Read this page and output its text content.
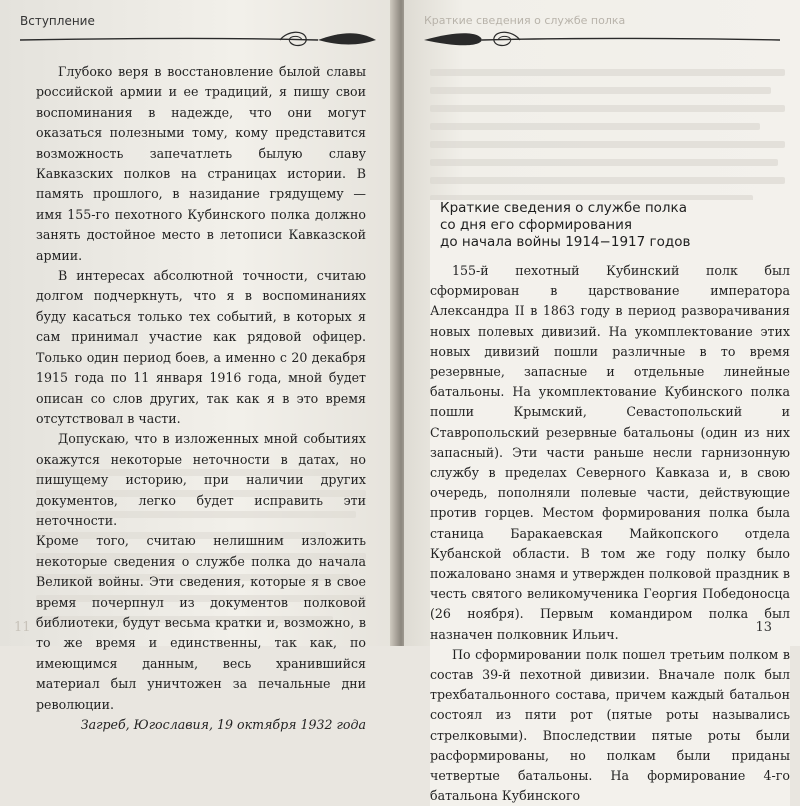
Вступление

Глубоко веря в восстановление былой славы российской армии и ее традиций, я пишу свои воспоминания в надежде, что они могут оказаться полезными тому, кому представится возможность запечатлеть былую славу Кавказских полков на страницах истории. В память прошлого, в назидание грядущему — имя 155-го пехотного Кубинского полка должно занять достойное место в летописи Кавказской армии.

В интересах абсолютной точности, считаю долгом подчеркнуть, что я в воспоминаниях буду касаться только тех событий, в которых я сам принимал участие как рядовой офицер. Только один период боев, а именно с 20 декабря 1915 года по 11 января 1916 года, мной будет описан со слов других, так как я в это время отсутствовал в части.

Допускаю, что в изложенных мной событиях окажутся некоторые неточности в датах, но пишущему историю, при наличии других документов, легко будет исправить эти неточности.

Кроме того, считаю нелишним изложить некоторые сведения о службе полка до начала Великой войны. Эти сведения, которые я в свое время почерпнул из документов полковой библиотеки, будут весьма кратки и, возможно, в то же время и единственны, так как, по имеющимся данным, весь хранившийся материал был уничтожен за печальные дни революции.

Загреб, Югославия, 19 октября 1932 года
11
Краткие сведения о службе полка
Краткие сведения о службе полка
со дня его сформирования
до начала войны 1914−1917 годов

155-й пехотный Кубинский полк был сформирован в царствование императора Александра II в 1863 году в период разворачивания новых полевых дивизий. На укомплектование этих новых дивизий пошли различные в то время резервные, запасные и отдельные линейные батальоны. На укомплектование Кубинского полка пошли Крымский, Севастопольский и Ставропольский резервные батальоны (один из них запасный). Эти части раньше несли гарнизонную службу в пределах Северного Кавказа и, в свою очередь, пополняли полевые части, действующие против горцев. Местом формирования полка была станица Баракаевская Майкопского отдела Кубанской области. В том же году полку было пожаловано знамя и утвержден полковой праздник в честь святого великомученика Георгия Победоносца (26 ноября). Первым командиром полка был назначен полковник Ильич.

По сформировании полк пошел третьим полком в состав 39-й пехотной дивизии. Вначале полк был трехбатальонного состава, причем каждый батальон состоял из пяти рот (пятые роты назывались стрелковыми). Впоследствии пятые роты были расформированы, но полкам были приданы четвертые батальоны. На формирование 4-го батальона Кубинского

13
